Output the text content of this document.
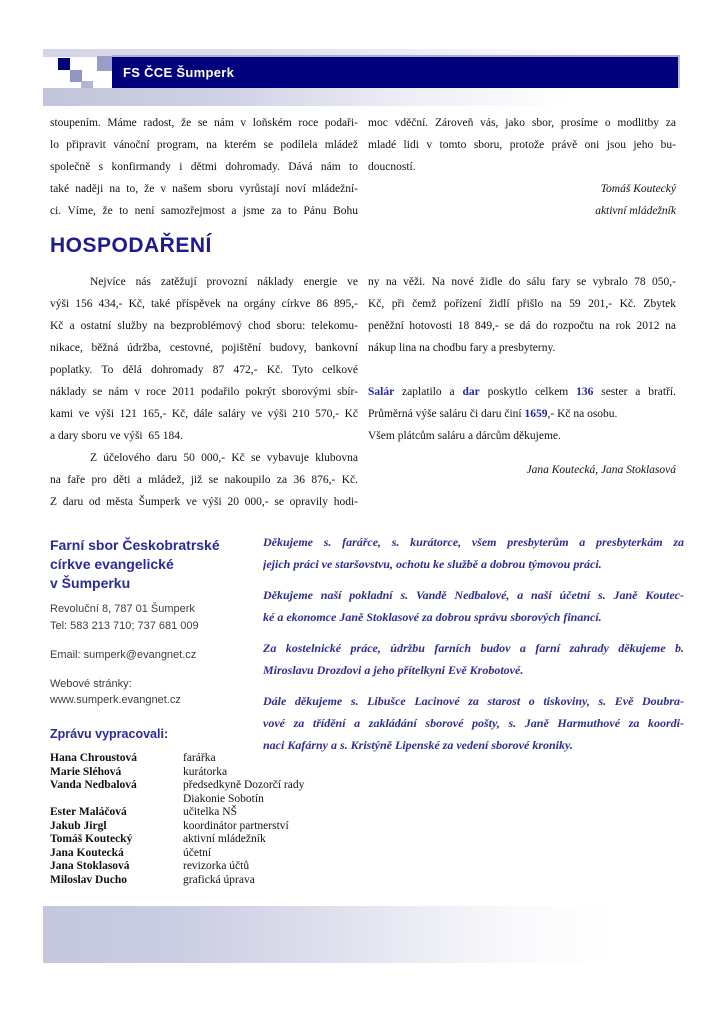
FS ČCE Šumperk
stoupením. Máme radost, že se nám v loňském roce podaři-
lo připravit vánoční program, na kterém se podílela mládež
společně s konfirmandy i dětmi dohromady. Dává nám to
také naději na to, že v našem sboru vyrůstají noví mládežní-
ci. Víme, že to není samozřejmost a jsme za to Pánu Bohu
moc vděční. Zároveň vás, jako sbor, prosíme o modlitby za
mladé lidi v tomto sboru, protože právě oni jsou jeho bu-
doucností.
Tomáš Koutecký
aktivní mládežník
HOSPODAŘENÍ
Nejvíce nás zatěžují provozní náklady energie ve
výši 156 434,- Kč, také příspěvek na orgány církve 86 895,-
Kč a ostatní služby na bezproblémový chod sboru: telekomu-
nikace, běžná údržba, cestovné, pojištění budovy, bankovní
poplatky. To dělá dohromady 87 472,- Kč. Tyto celkové
náklady se nám v roce 2011 podařilo pokrýt sborovými sbír-
kami ve výši 121 165,- Kč, dále saláry ve výši 210 570,- Kč
a dary sboru ve výši  65 184.
Z účelového daru 50 000,- Kč se vybavuje klubovna
na faře pro děti a mládež, již se nakoupilo za 36 876,- Kč.
Z daru od města Šumperk ve výši 20 000,- se opravily hodi-
ny na věži. Na nové židle do sálu fary se vybralo 78 050,-
Kč, při čemž pořízení židlí přišlo na 59 201,- Kč. Zbytek
peněžní hotovosti 18 849,- se dá do rozpočtu na rok 2012 na
nákup lina na chodbu fary a presbyterny.
Salár zaplatilo a dar poskytlo celkem 136 sester a bratří.
Průměrná výše saláru či daru činí 1659,- Kč na osobu.
Všem plátcům saláru a dárcům děkujeme.
Jana Koutecká, Jana Stoklasová
Farní sbor Českobratrské
církve evangelické
v Šumperku
Revoluční 8, 787 01 Šumperk
Tel: 583 213 710; 737 681 009
Email: sumperk@evangnet.cz
Webové stránky:
www.sumperk.evangnet.cz
Zprávu vypracovali:
Hana Chroustová	farářka
Marie Sléhová	kurátorka
Vanda Nedbalová	předsedkyně Dozorčí rady
Diakonie Sobotín
Ester Maláčová	učitelka NŠ
Jakub Jirgl	koordinátor partnerství
Tomáš Koutecký	aktivní mládežník
Jana Koutecká	účetní
Jana Stoklasová	revizorka účtů
Miloslav Ducho	grafická úprava
Děkujeme s. farářce, s. kurátorce, všem presbyterům a presbyterkám za
jejich práci ve staršovstvu, ochotu ke službě a dobrou týmovou práci.
Děkujeme naší pokladní s. Vandě Nedbalové, a naší účetní s. Janě Koutec-
ké a ekonomce Janě Stoklasové za dobrou správu sborových financí.
Za kostelnické práce, údržbu farních budov a farní zahrady děkujeme b.
Miroslavu Drozdovi a jeho přítelkyni Evě Krobotové.
Dále děkujeme s. Libušce Lacinové za starost o tiskoviny, s. Evě Doubra-
vové za třídění a zakládání sborové pošty, s. Janě Harmuthové za koordi-
naci Kafárny a s. Kristýně Lipenské za vedení sborové kroniky.
